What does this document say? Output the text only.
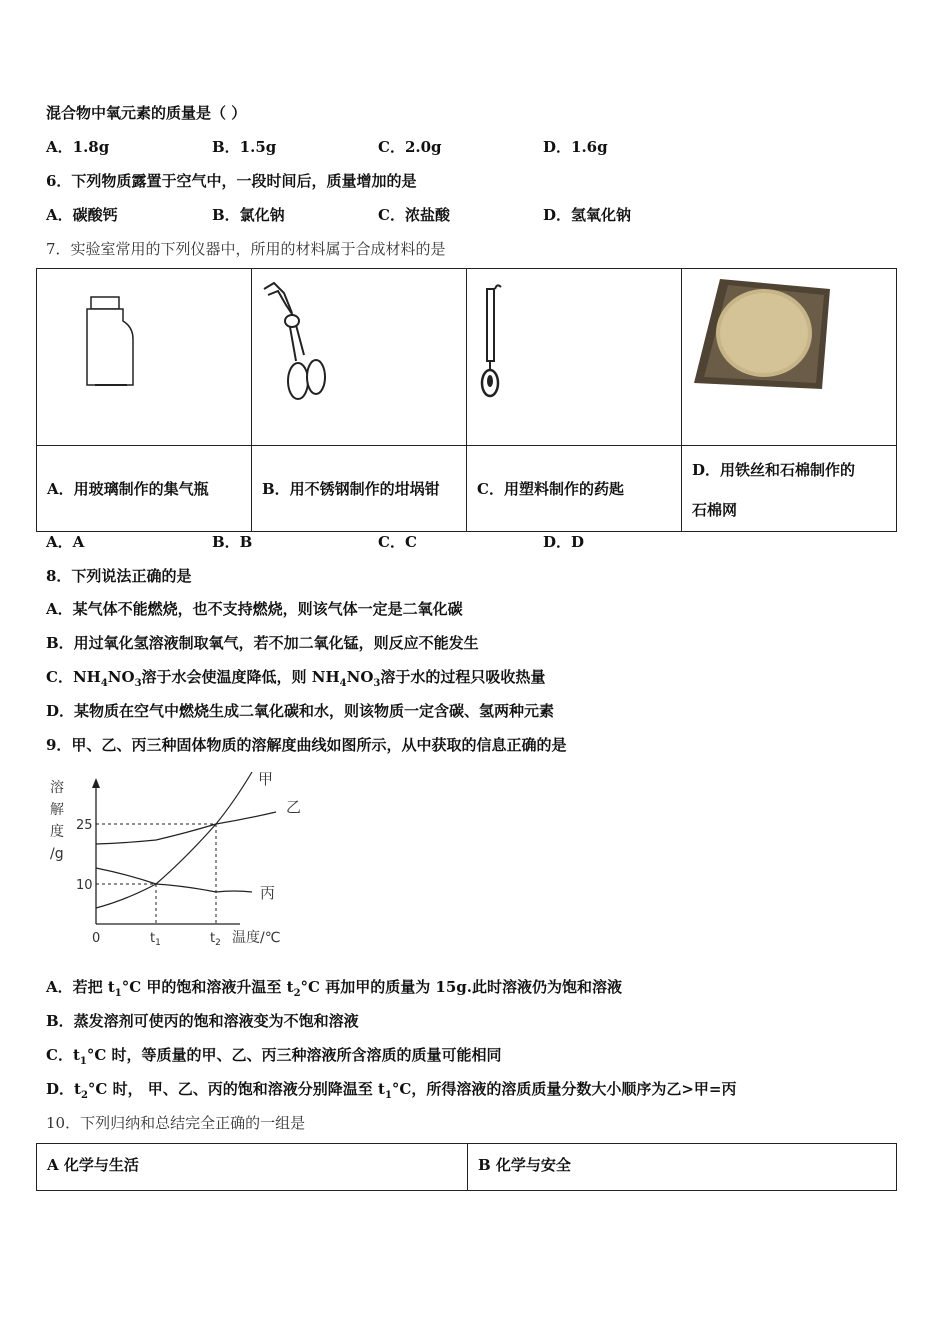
混合物中氧元素的质量是（ ）
A．1.8g	B．1.5g	C．2.0g	D．1.6g
6．下列物质露置于空气中，一段时间后，质量增加的是
A．碳酸钙	B．氯化钠	C．浓盐酸	D．氢氧化钠
7．实验室常用的下列仪器中，所用的材料属于合成材料的是

A．用玻璃制作的集气瓶	B．用不锈钢制作的坩埚钳	C．用塑料制作的药匙	D．用铁丝和石棉制作的
石棉网
A．A	B．B	C．C	D．D
8．下列说法正确的是
A．某气体不能燃烧，也不支持燃烧，则该气体一定是二氧化碳
B．用过氧化氢溶液制取氧气，若不加二氧化锰，则反应不能发生
C．$NH_4NO_3$溶于水会使温度降低，则 $NH_4NO_3$溶于水的过程只吸收热量
D．某物质在空气中燃烧生成二氧化碳和水，则该物质一定含碳、氢两种元素
9．甲、乙、丙三种固体物质的溶解度曲线如图所示，从中获取的信息正确的是
溶
解
度
/g
0	$t_1$	$t_2$ 温度/℃
10
25
甲
乙
丙
A．若把 $t_1^\circ C$ 甲的饱和溶液升温至 $t_2^\circ C$ 再加甲的质量为 15g.此时溶液仍为饱和溶液
B．蒸发溶剂可使丙的饱和溶液变为不饱和溶液
C．$t_1^\circ C$ 时，等质量的甲、乙、丙三种溶液所含溶质的质量可能相同
D．$t_2^\circ C$ 时， 甲、乙、丙的饱和溶液分别降温至 $t_1^\circ C$，所得溶液的溶质质量分数大小顺序为乙>甲=丙
10．下列归纳和总结完全正确的一组是
A 化学与生活	B 化学与安全
